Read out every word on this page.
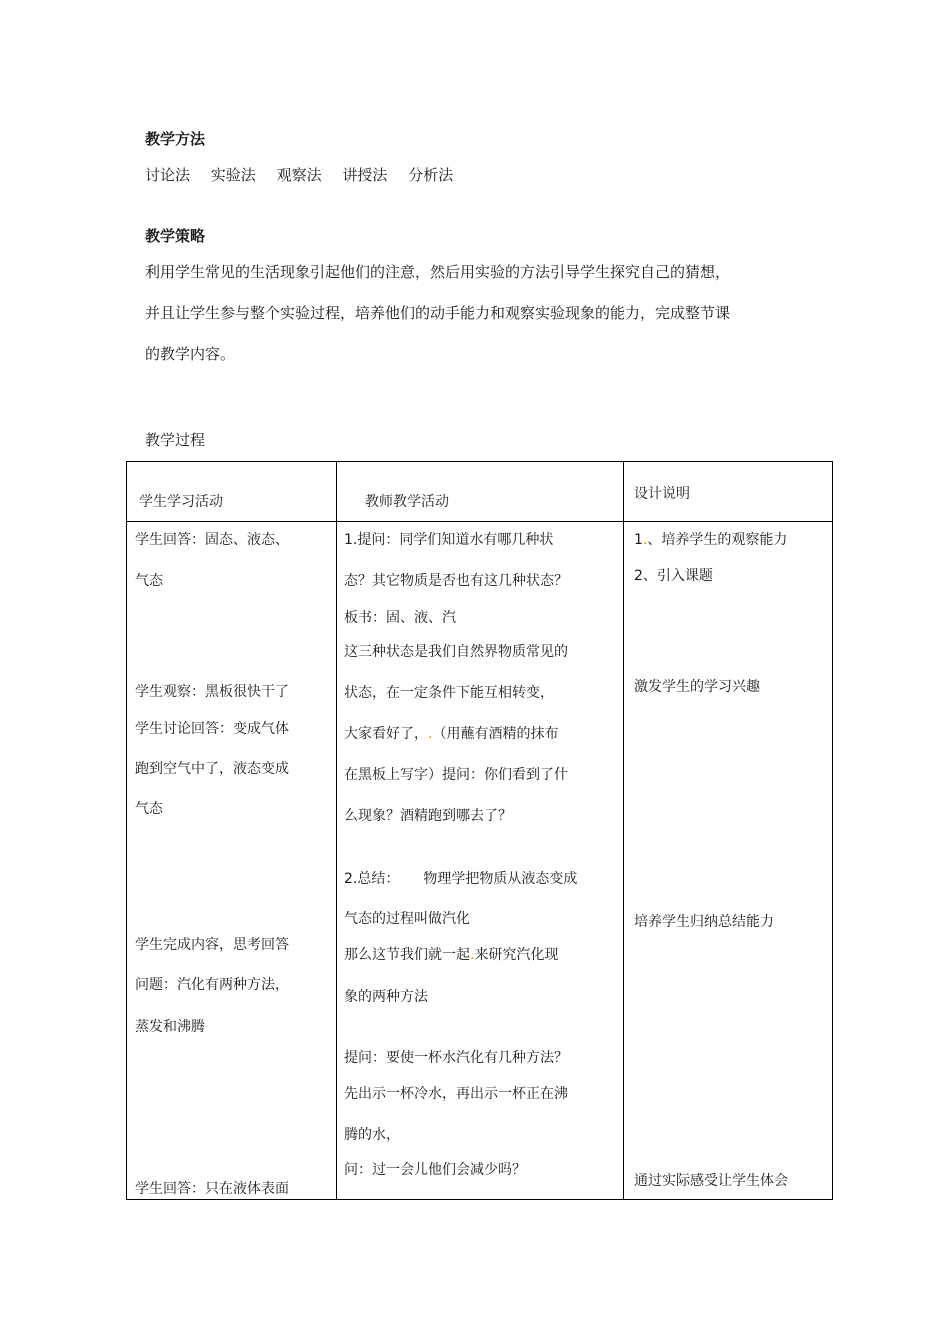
教学方法
讨论法 实验法 观察法 讲授法 分析法
教学策略
利用学生常见的生活现象引起他们的注意，然后用实验的方法引导学生探究自己的猜想，
并且让学生参与整个实验过程，培养他们的动手能力和观察实验现象的能力，完成整节课
的教学内容。
教学过程
学生学习活动	教师教学活动	设计说明
学生回答：固态、液态、
气态
学生观察：黑板很快干了
学生讨论回答：变成气体
跑到空气中了，液态变成
气态
学生完成内容，思考回答
问题：汽化有两种方法，
蒸发和沸腾
学生回答：只在液体表面
1.提问：同学们知道水有哪几种状
态？其它物质是否也有这几种状态？
板书：固、液、汽
这三种状态是我们自然界物质常见的
状态，在一定条件下能互相转变，
大家看好了，.（用蘸有酒精的抹布
在黑板上写字）提问：你们看到了什
么现象？酒精跑到哪去了？
2.总结： 物理学把物质从液态变成
气态的过程叫做汽化
那么这节我们就一起.来研究汽化现
象的两种方法
提问：要使一杯水汽化有几种方法？
先出示一杯冷水，再出示一杯正在沸
腾的水，
问：过一会儿他们会减少吗？
1.、培养学生的观察能力
2、引入课题
激发学生的学习兴趣
培养学生归纳总结能力
通过实际感受让学生体会
